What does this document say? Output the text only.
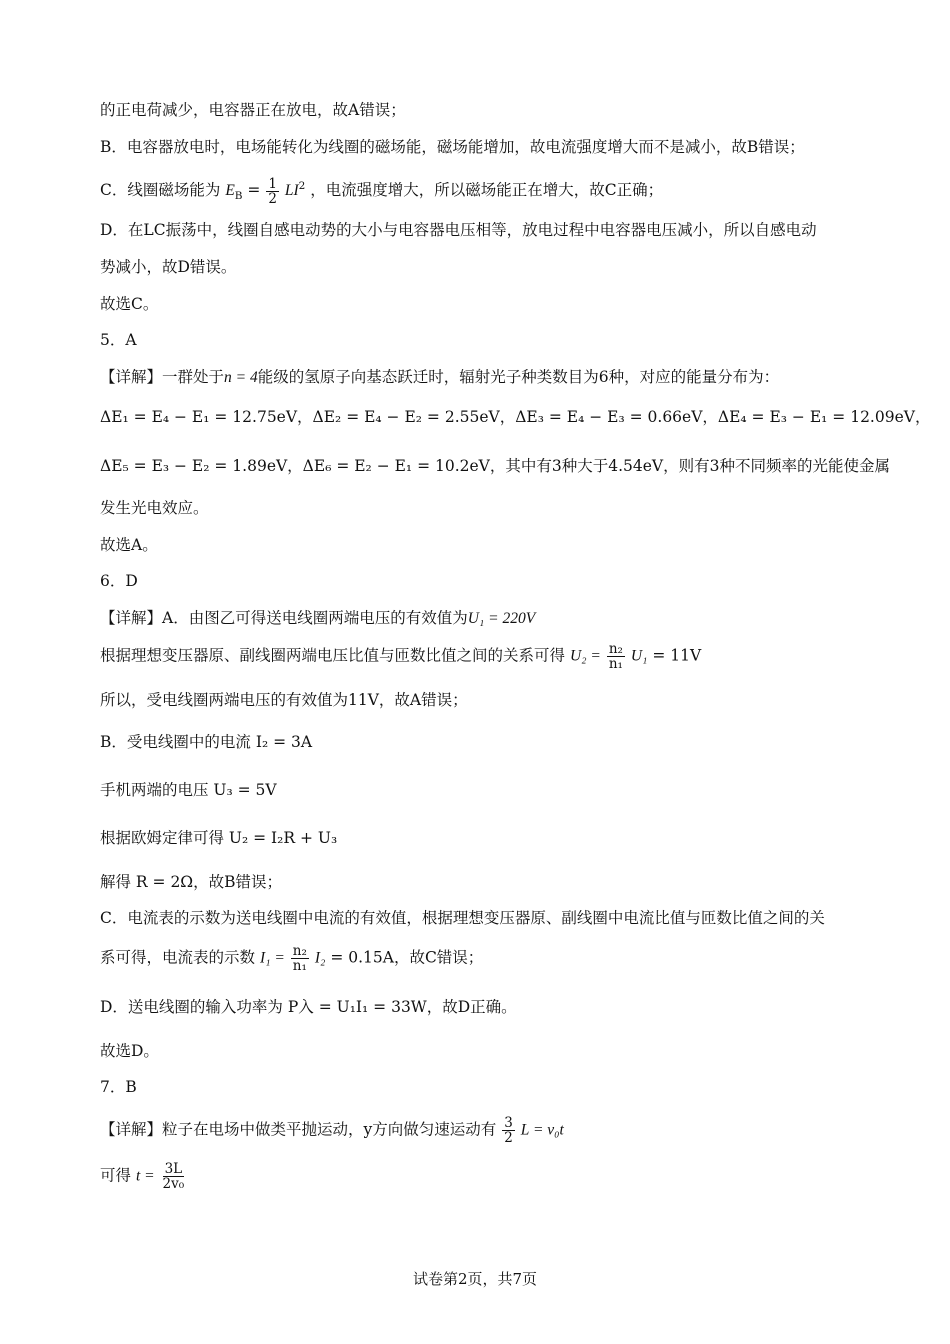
的正电荷减少，电容器正在放电，故A错误；
B．电容器放电时，电场能转化为线圈的磁场能，磁场能增加，故电流强度增大而不是减小，故B错误；
C．线圈磁场能为 $E_B = \frac{1}{2} LI^2$ ，电流强度增大，所以磁场能正在增大，故C正确；
D．在LC振荡中，线圈自感电动势的大小与电容器电压相等，放电过程中电容器电压减小，所以自感电动
势减小，故D错误。
故选C。
5．A
【详解】一群处于n = 4能级的氢原子向基态跃迁时，辐射光子种类数目为6种，对应的能量分布为：
ΔE₁ = E₄ − E₁ = 12.75eV，ΔE₂ = E₄ − E₂ = 2.55eV，ΔE₃ = E₄ − E₃ = 0.66eV，ΔE₄ = E₃ − E₁ = 12.09eV，
ΔE₅ = E₃ − E₂ = 1.89eV，ΔE₆ = E₂ − E₁ = 10.2eV，其中有3种大于4.54eV，则有3种不同频率的光能使金属
发生光电效应。
故选A。
6．D
【详解】A．由图乙可得送电线圈两端电压的有效值为U₁ = 220V
根据理想变压器原、副线圈两端电压比值与匝数比值之间的关系可得 $U_2 = \frac{\text{n₂}}{\text{n₁}} U_1 = 11V$
所以，受电线圈两端电压的有效值为11V，故A错误；
B．受电线圈中的电流 I₂ = 3A
手机两端的电压 U₃ = 5V
根据欧姆定律可得 U₂ = I₂R + U₃
解得 R = 2Ω，故B错误；
C．电流表的示数为送电线圈中电流的有效值，根据理想变压器原、副线圈中电流比值与匝数比值之间的关
系可得，电流表的示数 $I_1 = \frac{\text{n₂}}{\text{n₁}} I_2 = 0.15A$，故C错误；
D．送电线圈的输入功率为 P入 = U₁I₁ = 33W，故D正确。
故选D。
7．B
【详解】粒子在电场中做类平抛运动，y方向做匀速运动有 $\frac{3}{2}$ L = v₀t
可得 $t = \frac{3L}{\text{2v₀}}$
试卷第2页，共7页
